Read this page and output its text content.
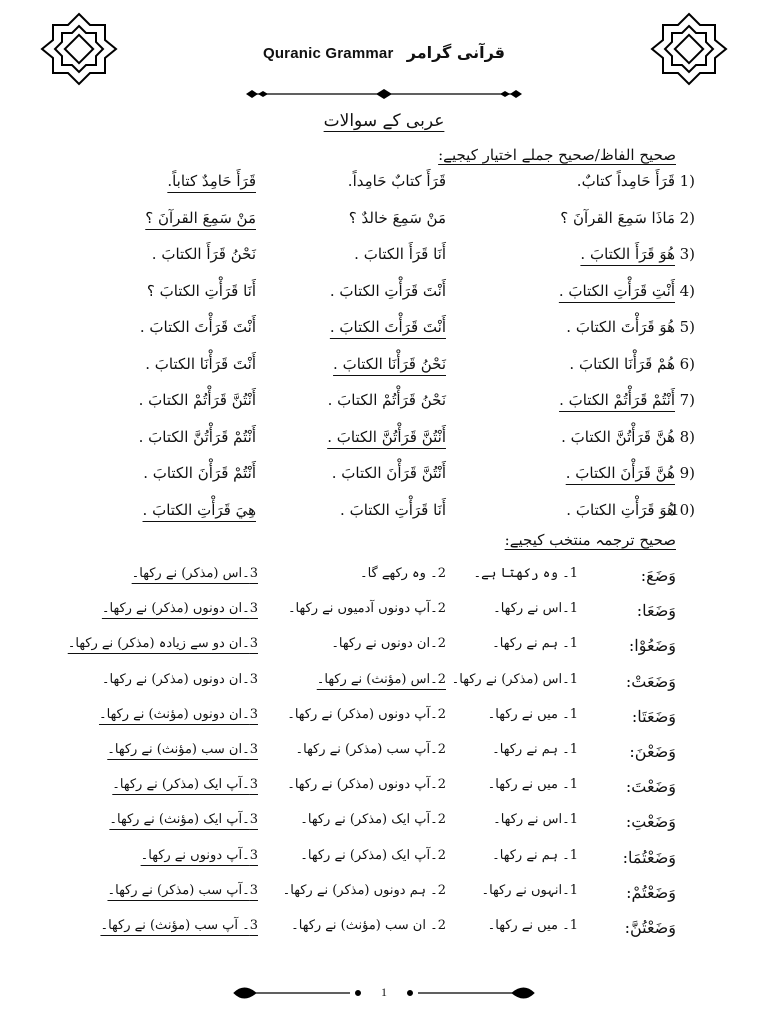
Quranic Grammar قرآنی گرامر
عربی کے سوالات
صحیح الفاظ/صحیح جملے اختیار کیجیے:
1)
قَرَأَ حَامِداً كتابٌ.
قَرَأَ كتابٌ حَامِداً.
قَرَأَ حَامِدٌ كتاباً.
2)
مَاذَا سَمِعَ القرآنَ ؟
مَنْ سَمِعَ خالدٌ ؟
مَنْ سَمِعَ القرآنَ ؟
3)
هُوَ قَرَأَ الكتابَ .
أَنَا قَرَأَ الكتابَ .
نَحْنُ قَرَأَ الكتابَ .
4)
أَنْتِ قَرَأْتِ الكتابَ .
أَنْتَ قَرَأْتِ الكتابَ .
أَنَا قَرَأْتِ الكتابَ ؟
5)
هُوَ قَرَأْتَ الكتابَ .
أَنْتَ قَرَأْتَ الكتابَ .
أَنْتَ قَرَأْتَ الكتابَ .
6)
هُمْ قَرَأْنَا الكتابَ .
نَحْنُ قَرَأْنَا الكتابَ .
أَنْتَ قَرَأْنَا الكتابَ .
7)
أَنْتُمْ قَرَأْتُمْ الكتابَ .
نَحْنُ قَرَأْتُمْ الكتابَ .
أَنْتُنَّ قَرَأْتُمْ الكتابَ .
8)
هُنَّ قَرَأْتُنَّ الكتابَ .
أَنْتُنَّ قَرَأْتُنَّ الكتابَ .
أَنْتُمْ قَرَأْتُنَّ الكتابَ .
9)
هُنَّ قَرَأْنَ الكتابَ .
أَنْتُنَّ قَرَأْنَ الكتابَ .
أَنْتُمْ قَرَأْنَ الكتابَ .
10)
هُوَ قَرَأْتِ الكتابَ .
أَنَا قَرَأْتِ الكتابَ .
هِيَ قَرَأْتِ الكتابَ .
صحیح ترجمہ منتخب کیجیے:
وَضَعَ:
1۔ وہ رکھتا ہے۔
2۔ وہ رکھے گا۔
3۔اس (مذکر) نے رکھا۔
وَضَعَا:
1۔اس نے رکھا۔
2۔آپ دونوں آدمیوں نے رکھا۔
3۔ان دونوں (مذکر) نے رکھا۔
وَضَعُوْا:
1۔ ہم نے رکھا۔
2۔ان دونوں نے رکھا۔
3۔ان دو سے زیادہ (مذکر) نے رکھا۔
وَضَعَتْ:
1۔اس (مذکر) نے رکھا۔
2۔اس (مؤنث) نے رکھا۔
3۔ان دونوں (مذکر) نے رکھا۔
وَضَعَتَا:
1۔ میں نے رکھا۔
2۔آپ دونوں (مذکر) نے رکھا۔
3۔ان دونوں (مؤنث) نے رکھا۔
وَضَعْنَ:
1۔ ہم نے رکھا۔
2۔آپ سب (مذکر) نے رکھا۔
3۔ان سب (مؤنث) نے رکھا۔
وَضَعْتَ:
1۔ میں نے رکھا۔
2۔آپ دونوں (مذکر) نے رکھا۔
3۔آپ ایک (مذکر) نے رکھا۔
وَضَعْتِ:
1۔اس نے رکھا۔
2۔آپ ایک (مذکر) نے رکھا۔
3۔آپ ایک (مؤنث) نے رکھا۔
وَضَعْتُمَا:
1۔ ہم نے رکھا۔
2۔آپ ایک (مذکر) نے رکھا۔
3۔آپ دونوں نے رکھا۔
وَضَعْتُمْ:
1۔انہوں نے رکھا۔
2۔ ہم دونوں (مذکر) نے رکھا۔
3۔آپ سب (مذکر) نے رکھا۔
وَضَعْتُنَّ:
1۔ میں نے رکھا۔
2۔ ان سب (مؤنث) نے رکھا۔
3۔ آپ سب (مؤنث) نے رکھا۔
1
